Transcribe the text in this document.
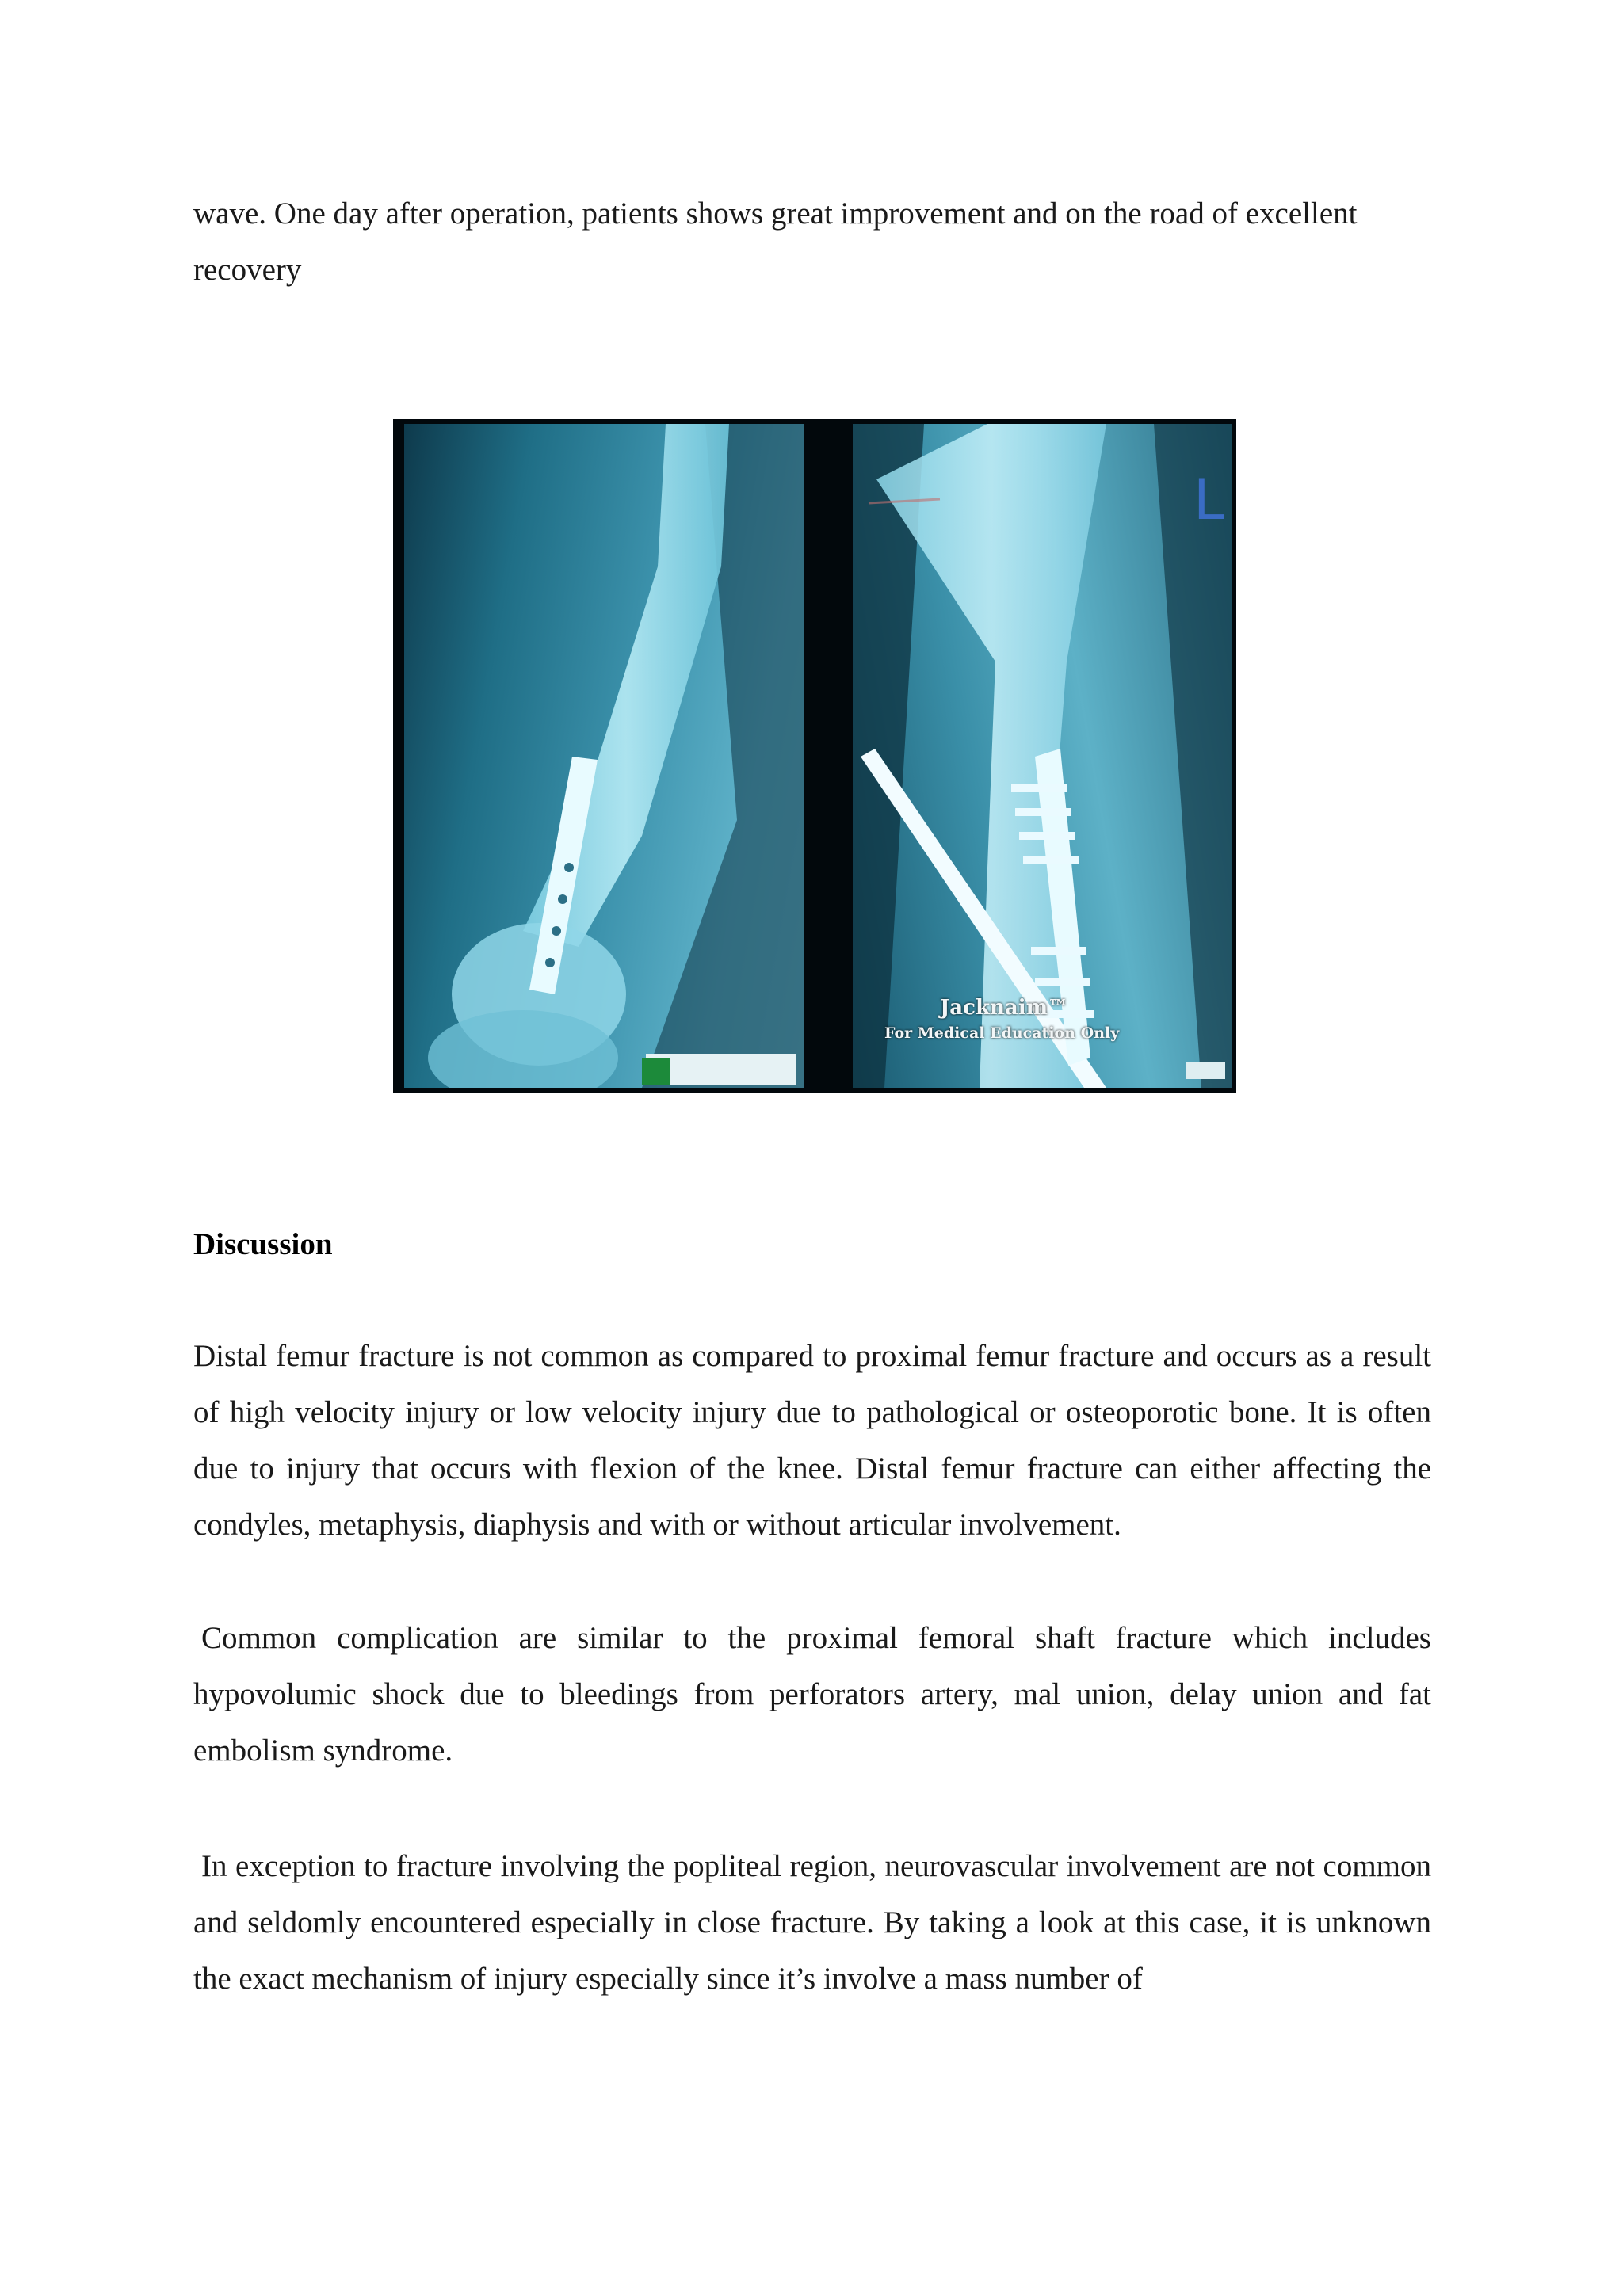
wave. One day after operation, patients shows great improvement and on the road of excellent recovery
L
Jacknaim™
For Medical Education Only
Discussion
Distal femur fracture is not common as compared to proximal femur fracture and occurs as a result of high velocity injury or low velocity injury due to pathological or osteoporotic bone. It is often due to injury that occurs with flexion of the knee. Distal femur fracture can either affecting the condyles, metaphysis, diaphysis and with or without articular involvement.
Common complication are similar to the proximal femoral shaft fracture which includes hypovolumic shock due to bleedings from perforators artery, mal union, delay union and fat embolism syndrome.
In exception to fracture involving the popliteal region, neurovascular involvement are not common and seldomly encountered especially in close fracture. By taking a look at this case, it is unknown the exact mechanism of injury especially since it’s involve a mass number of
